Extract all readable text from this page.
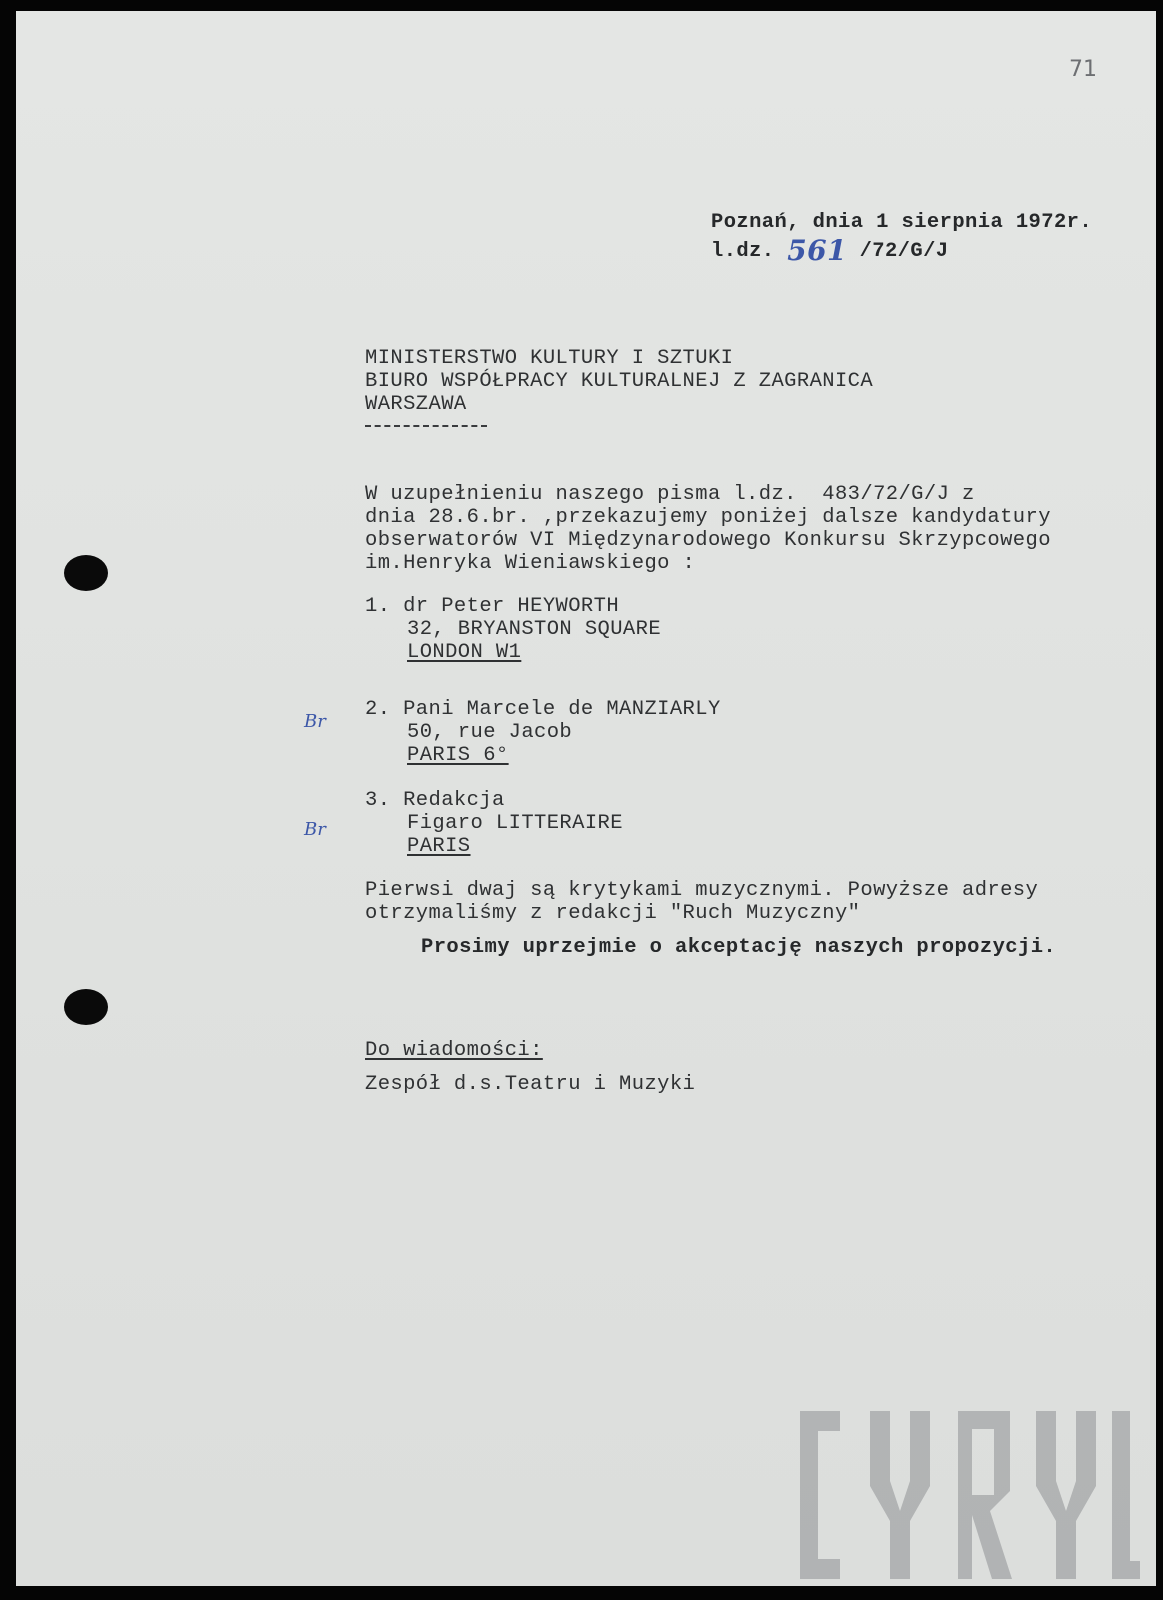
71
Poznań, dnia 1 sierpnia 1972r.
l.dz. 561 /72/G/J
MINISTERSTWO KULTURY I SZTUKI
BIURO WSPÓŁPRACY KULTURALNEJ Z ZAGRANICA
WARSZAWA
W uzupełnieniu naszego pisma l.dz.  483/72/G/J z
dnia 28.6.br. ,przekazujemy poniżej dalsze kandydatury
obserwatorów VI Międzynarodowego Konkursu Skrzypcowego
im.Henryka Wieniawskiego :
1. dr Peter HEYWORTH
32, BRYANSTON SQUARE
LONDON W1
Br
2. Pani Marcele de MANZIARLY
50, rue Jacob
PARIS 6°
Br
3. Redakcja
Figaro LITTERAIRE
PARIS
Pierwsi dwaj są krytykami muzycznymi. Powyższe adresy
otrzymaliśmy z redakcji "Ruch Muzyczny"
Prosimy uprzejmie o akceptację naszych propozycji.
Do wiadomości:
Zespół d.s.Teatru i Muzyki
